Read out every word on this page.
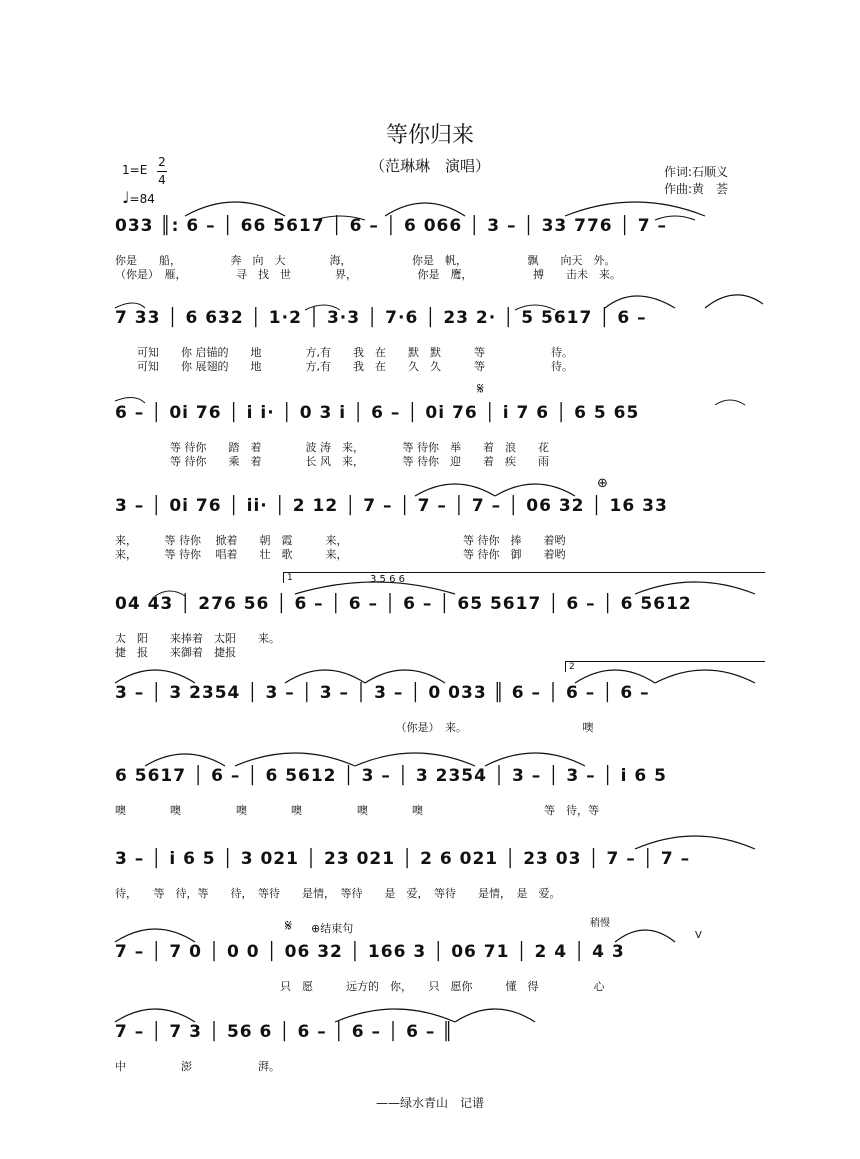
等你归来
（范琳琳　演唱）	作词:石顺义
作曲:黄　荟
1=E
2
4
♩=84
033 ║: 6 – │ 66 5617 │ 6 – │ 6 066 │ 3 – │ 33 776 │ 7 –
你是　　船，　　　　　奔　向　大　　　　海，　　　　　　你是　帆，　　　　　　飘　　向天　外。
（你是）　雁，　　　　　寻　找　世　　　　界，　　　　　　你是　鹰，　　　　　　搏　　击未　来。
7 33 │ 6 632 │ 1·2 │ 3·3 │ 7·6 │ 23 2· │ 5 5617 │ 6 –
　　可知　　你 启锚的　　地　　　　方,有　　我　在　　默　默　　　等　　　　　　待。
　　可知　　你 展翅的　　地　　　　方,有　　我　在　　久　久　　　等　　　　　　待。
𝄋
6 – │ 0i 76 │ i i· │ 0 3 i │ 6 – │ 0i 76 │ i 7 6 │ 6 5 65
　　　　　等 待你　　踏　着　　　　波 涛　来，　　　　等 待你　举　　着　浪　　花
　　　　　等 待你　　乘　着　　　　长 风　来，　　　　等 待你　迎　　着　疾　　雨
⊕
3 – │ 0i 76 │ ii· │ 2 12 │ 7 – │ 7 – │ 7 – │ 06 32 │ 16 33
来，　　　等 待你　 掀着　　朝　霞　　　来，　　　　　　　　　　　等 待你　捧　　着哟
来，　　　等 待你　 唱着　　壮　歌　　　来，　　　　　　　　　　　等 待你　御　　着哟
1	3.5 6 6
04 43 │ 276 56 │ 6 – │ 6 – │ 6 – │ 65 5617 │ 6 – │ 6 5612
太　阳　　来捧着　太阳　　来。
捷　报　　来御着　捷报
2
3 – │ 3 2354 │ 3 – │ 3 – │ 3 – │ 0 033 ║ 6 – │ 6 – │ 6 –
　　　　　　　　　　　　　　　　　　　　　　　　　　（你是）　来。　　　　　　　　　　　噢
6 5617 │ 6 – │ 6 5612 │ 3 – │ 3 2354 │ 3 – │ 3 – │ i 6 5
噢　　　　噢　　　　　噢　　　　噢　　　　　噢　　　　噢　　　　　　　　　　　等　待，等
3 – │ i 6 5 │ 3 021 │ 23 021 │ 2 6 021 │ 23 03 │ 7 – │ 7 –
待，　　等　待，等　　待，　等待　　是情，　等待　　是　爱，　等待　　是情，　是　爱。
𝄋 ⊕结束句	稍慢
V
7 – │ 7 0 │ 0 0 │ 06 32 │ 166 3 │ 06 71 │ 2 4 │ 4 3
　　　　　　　　　　　　　　　只　愿　　　远方的　你，　　只　愿你　　　懂　得　　　　　心
7 – │ 7 3 │ 56 6 │ 6 – │ 6 – │ 6 – ║
中　　　　　澎　　　　　　湃。
——绿水青山　记谱
